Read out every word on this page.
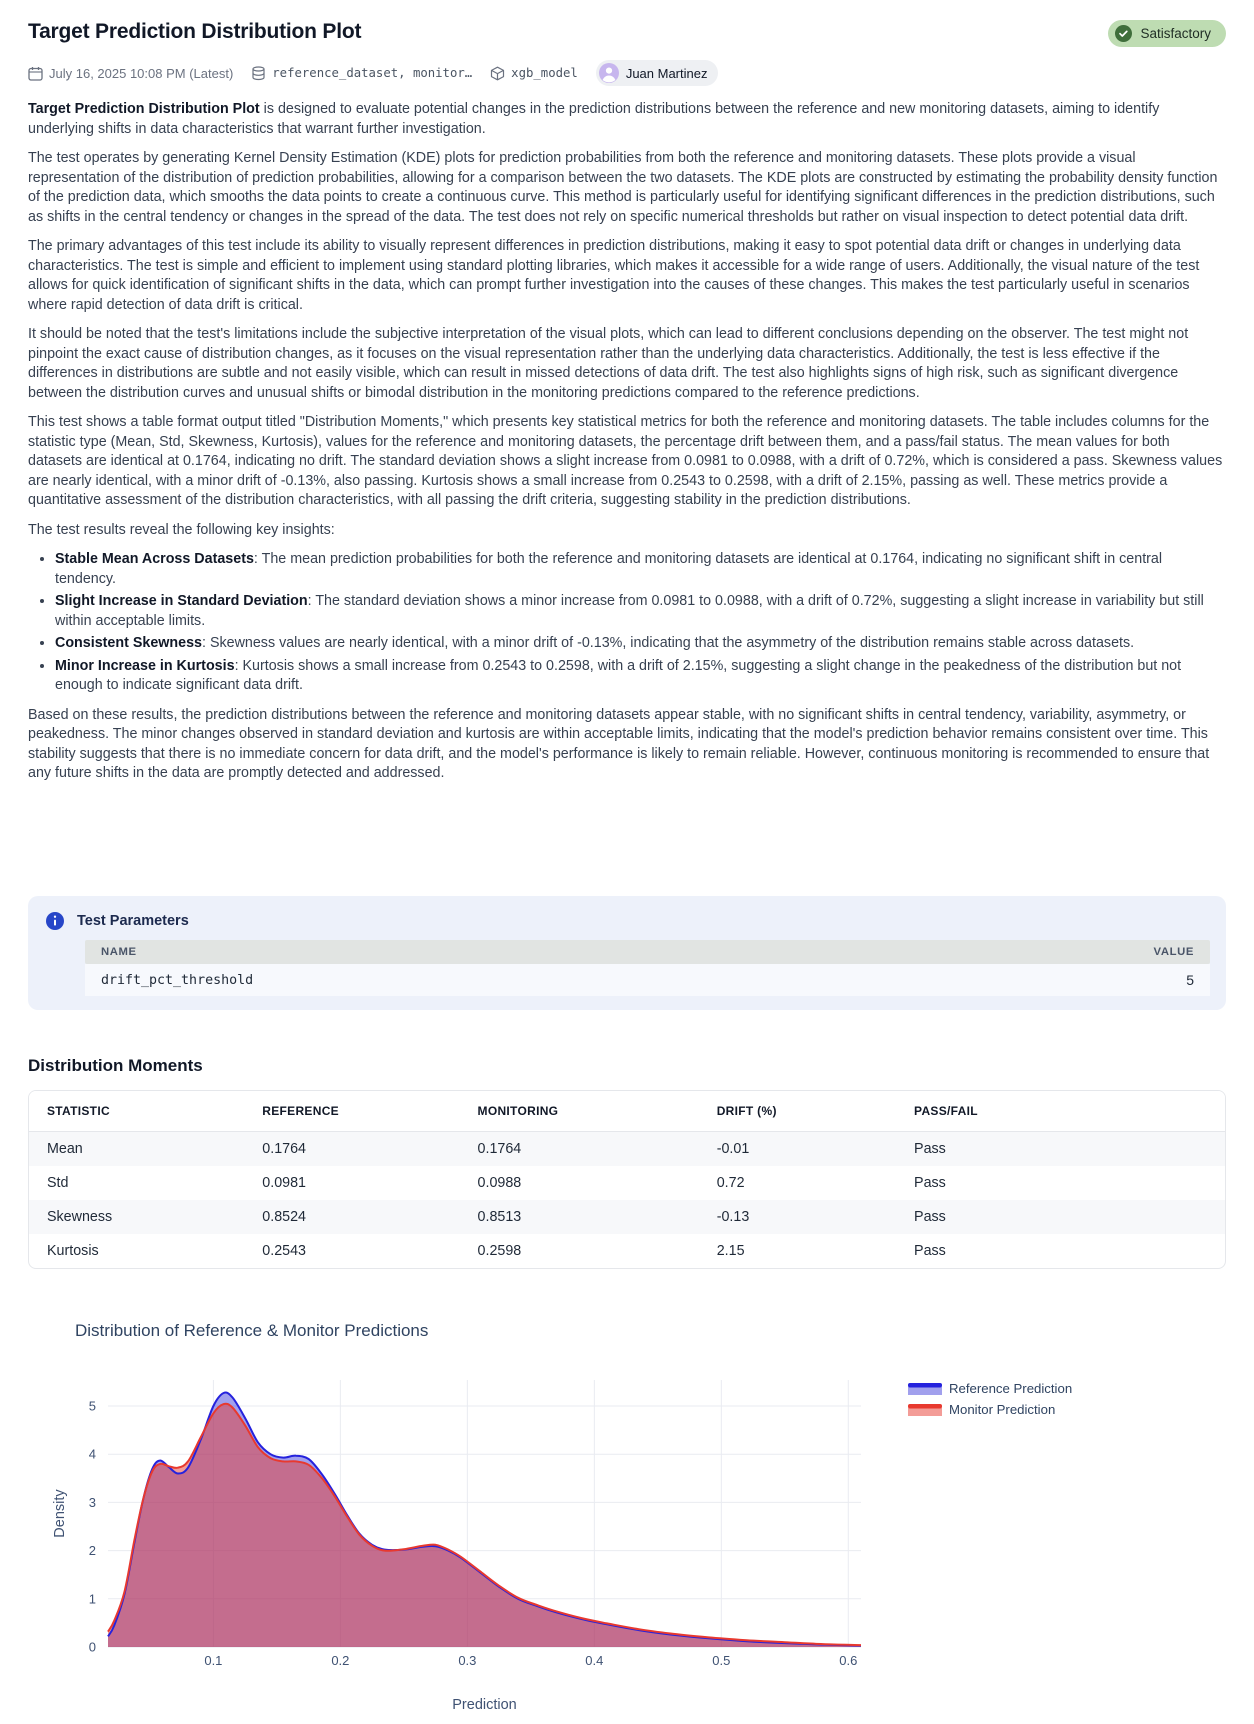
Target Prediction Distribution Plot	Satisfactory
July 16, 2025 10:08 PM (Latest)	reference_dataset, monitor…	xgb_model	Juan Martinez

Target Prediction Distribution Plot is designed to evaluate potential changes in the prediction distributions between the reference and new monitoring datasets, aiming to identify underlying shifts in data characteristics that warrant further investigation.

The test operates by generating Kernel Density Estimation (KDE) plots for prediction probabilities from both the reference and monitoring datasets. These plots provide a visual representation of the distribution of prediction probabilities, allowing for a comparison between the two datasets. The KDE plots are constructed by estimating the probability density function of the prediction data, which smooths the data points to create a continuous curve. This method is particularly useful for identifying significant differences in the prediction distributions, such as shifts in the central tendency or changes in the spread of the data. The test does not rely on specific numerical thresholds but rather on visual inspection to detect potential data drift.

The primary advantages of this test include its ability to visually represent differences in prediction distributions, making it easy to spot potential data drift or changes in underlying data characteristics. The test is simple and efficient to implement using standard plotting libraries, which makes it accessible for a wide range of users. Additionally, the visual nature of the test allows for quick identification of significant shifts in the data, which can prompt further investigation into the causes of these changes. This makes the test particularly useful in scenarios where rapid detection of data drift is critical.

It should be noted that the test's limitations include the subjective interpretation of the visual plots, which can lead to different conclusions depending on the observer. The test might not pinpoint the exact cause of distribution changes, as it focuses on the visual representation rather than the underlying data characteristics. Additionally, the test is less effective if the differences in distributions are subtle and not easily visible, which can result in missed detections of data drift. The test also highlights signs of high risk, such as significant divergence between the distribution curves and unusual shifts or bimodal distribution in the monitoring predictions compared to the reference predictions.

This test shows a table format output titled "Distribution Moments," which presents key statistical metrics for both the reference and monitoring datasets. The table includes columns for the statistic type (Mean, Std, Skewness, Kurtosis), values for the reference and monitoring datasets, the percentage drift between them, and a pass/fail status. The mean values for both datasets are identical at 0.1764, indicating no drift. The standard deviation shows a slight increase from 0.0981 to 0.0988, with a drift of 0.72%, which is considered a pass. Skewness values are nearly identical, with a minor drift of -0.13%, also passing. Kurtosis shows a small increase from 0.2543 to 0.2598, with a drift of 2.15%, passing as well. These metrics provide a quantitative assessment of the distribution characteristics, with all passing the drift criteria, suggesting stability in the prediction distributions.

The test results reveal the following key insights:

• Stable Mean Across Datasets: The mean prediction probabilities for both the reference and monitoring datasets are identical at 0.1764, indicating no significant shift in central tendency.
• Slight Increase in Standard Deviation: The standard deviation shows a minor increase from 0.0981 to 0.0988, with a drift of 0.72%, suggesting a slight increase in variability but still within acceptable limits.
• Consistent Skewness: Skewness values are nearly identical, with a minor drift of -0.13%, indicating that the asymmetry of the distribution remains stable across datasets.
• Minor Increase in Kurtosis: Kurtosis shows a small increase from 0.2543 to 0.2598, with a drift of 2.15%, suggesting a slight change in the peakedness of the distribution but not enough to indicate significant data drift.

Based on these results, the prediction distributions between the reference and monitoring datasets appear stable, with no significant shifts in central tendency, variability, asymmetry, or peakedness. The minor changes observed in standard deviation and kurtosis are within acceptable limits, indicating that the model's prediction behavior remains consistent over time. This stability suggests that there is no immediate concern for data drift, and the model's performance is likely to remain reliable. However, continuous monitoring is recommended to ensure that any future shifts in the data are promptly detected and addressed.

Test Parameters
NAME	VALUE
drift_pct_threshold	5
Distribution Moments
STATISTIC	REFERENCE	MONITORING	DRIFT (%)	PASS/FAIL
Mean	0.1764	0.1764	-0.01	Pass
Std	0.0981	0.0988	0.72	Pass
Skewness	0.8524	0.8513	-0.13	Pass
Kurtosis	0.2543	0.2598	2.15	Pass
Distribution of Reference & Monitor Predictions
0.1	0.2	0.3	0.4	0.5	0.6
Prediction
0
1
2
3
4
5
Density
Reference Prediction
Monitor Prediction
